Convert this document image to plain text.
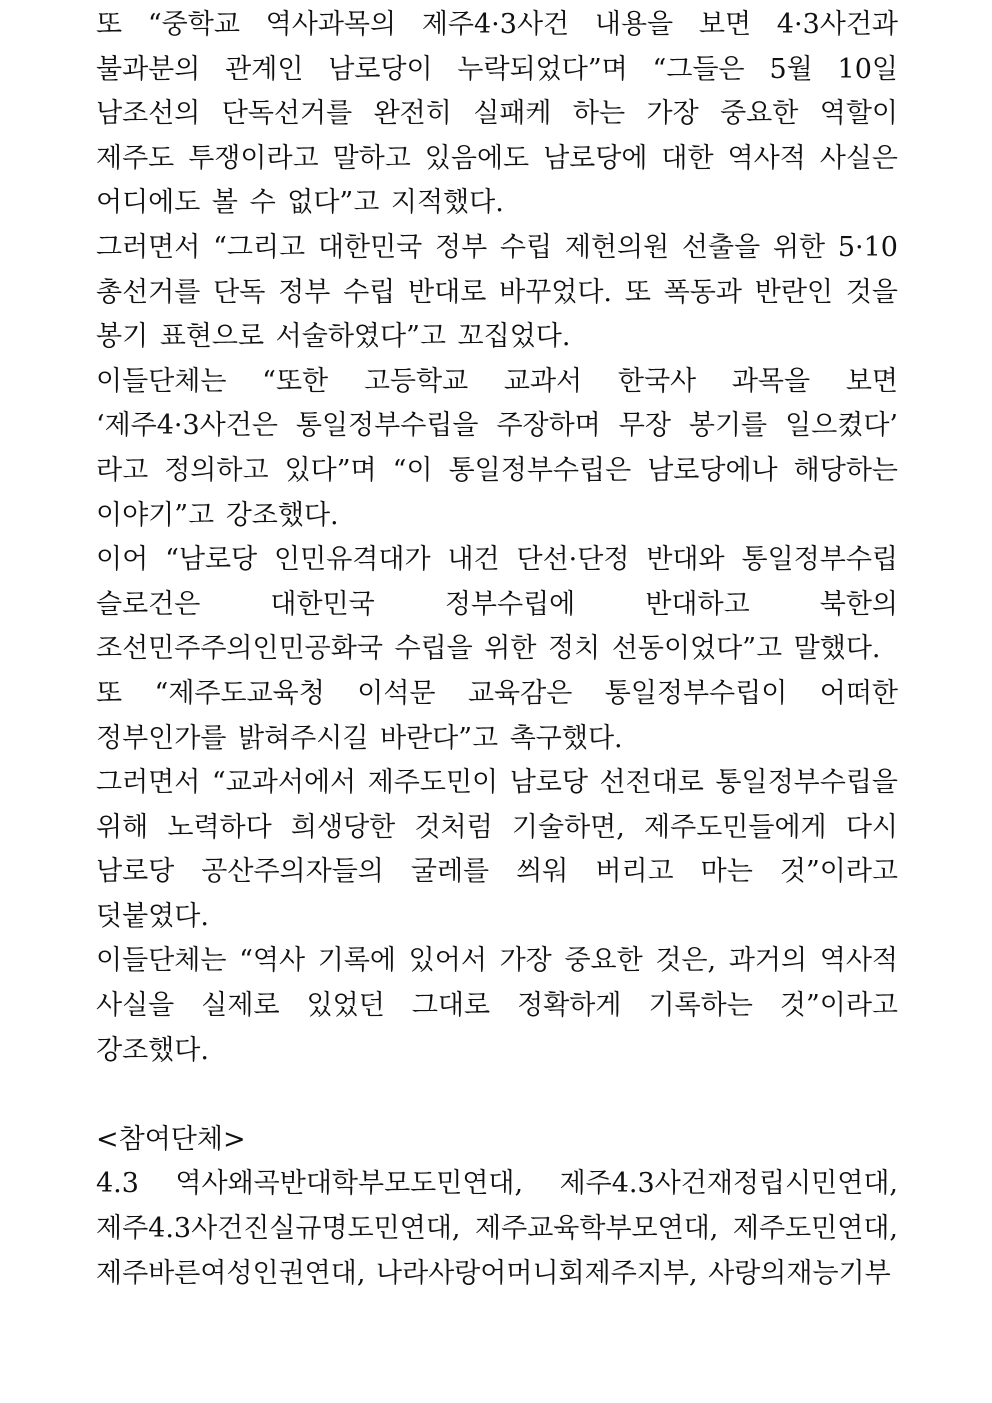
또 “중학교 역사과목의 제주4·3사건 내용을 보면 4·3사건과 불과분의 관계인 남로당이 누락되었다”며 “그들은 5월 10일 남조선의 단독선거를 완전히 실패케 하는 가장 중요한 역할이 제주도 투쟁이라고 말하고 있음에도 남로당에 대한 역사적 사실은 어디에도 볼 수 없다”고 지적했다.

그러면서 “그리고 대한민국 정부 수립 제헌의원 선출을 위한 5·10 총선거를 단독 정부 수립 반대로 바꾸었다. 또 폭동과 반란인 것을 봉기 표현으로 서술하였다”고 꼬집었다.

이들단체는 “또한 고등학교 교과서 한국사 과목을 보면 ‘제주4·3사건은 통일정부수립을 주장하며 무장 봉기를 일으켰다’ 라고 정의하고 있다”며 “이 통일정부수립은 남로당에나 해당하는 이야기”고 강조했다.

이어 “남로당 인민유격대가 내건 단선·단정 반대와 통일정부수립 슬로건은 대한민국 정부수립에 반대하고 북한의 조선민주주의인민공화국 수립을 위한 정치 선동이었다”고 말했다.

또 “제주도교육청 이석문 교육감은 통일정부수립이 어떠한 정부인가를 밝혀주시길 바란다”고 촉구했다.

그러면서 “교과서에서 제주도민이 남로당 선전대로 통일정부수립을 위해 노력하다 희생당한 것처럼 기술하면, 제주도민들에게 다시 남로당 공산주의자들의 굴레를 씌워 버리고 마는 것”이라고 덧붙였다.

이들단체는 “역사 기록에 있어서 가장 중요한 것은, 과거의 역사적 사실을 실제로 있었던 그대로 정확하게 기록하는 것”이라고 강조했다.

<참여단체>

4.3 역사왜곡반대학부모도민연대, 제주4.3사건재정립시민연대, 제주4.3사건진실규명도민연대, 제주교육학부모연대, 제주도민연대, 제주바른여성인권연대, 나라사랑어머니회제주지부, 사랑의재능기부
